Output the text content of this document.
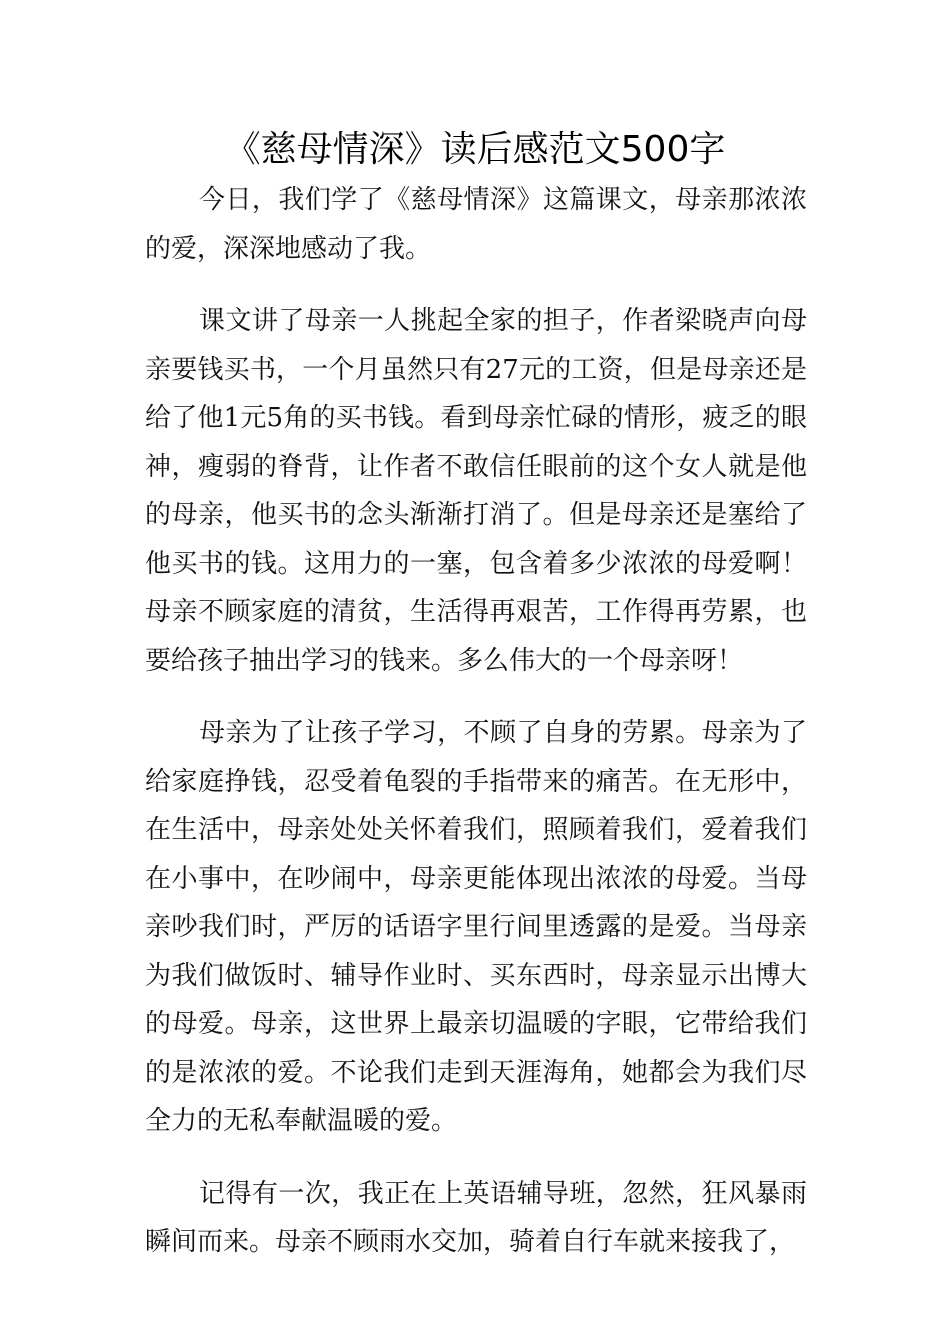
《慈母情深》读后感范文500字

今日，我们学了《慈母情深》这篇课文，母亲那浓浓的爱，深深地感动了我。

课文讲了母亲一人挑起全家的担子，作者梁晓声向母亲要钱买书，一个月虽然只有27元的工资，但是母亲还是给了他1元5角的买书钱。看到母亲忙碌的情形，疲乏的眼神，瘦弱的脊背，让作者不敢信任眼前的这个女人就是他的母亲，他买书的念头渐渐打消了。但是母亲还是塞给了他买书的钱。这用力的一塞，包含着多少浓浓的母爱啊！母亲不顾家庭的清贫，生活得再艰苦，工作得再劳累，也要给孩子抽出学习的钱来。多么伟大的一个母亲呀！

母亲为了让孩子学习，不顾了自身的劳累。母亲为了给家庭挣钱，忍受着龟裂的手指带来的痛苦。在无形中，在生活中，母亲处处关怀着我们，照顾着我们，爱着我们在小事中，在吵闹中，母亲更能体现出浓浓的母爱。当母亲吵我们时，严厉的话语字里行间里透露的是爱。当母亲为我们做饭时、辅导作业时、买东西时，母亲显示出博大的母爱。母亲，这世界上最亲切温暖的字眼，它带给我们的是浓浓的爱。不论我们走到天涯海角，她都会为我们尽全力的无私奉献温暖的爱。

记得有一次，我正在上英语辅导班，忽然，狂风暴雨瞬间而来。母亲不顾雨水交加，骑着自行车就来接我了，
